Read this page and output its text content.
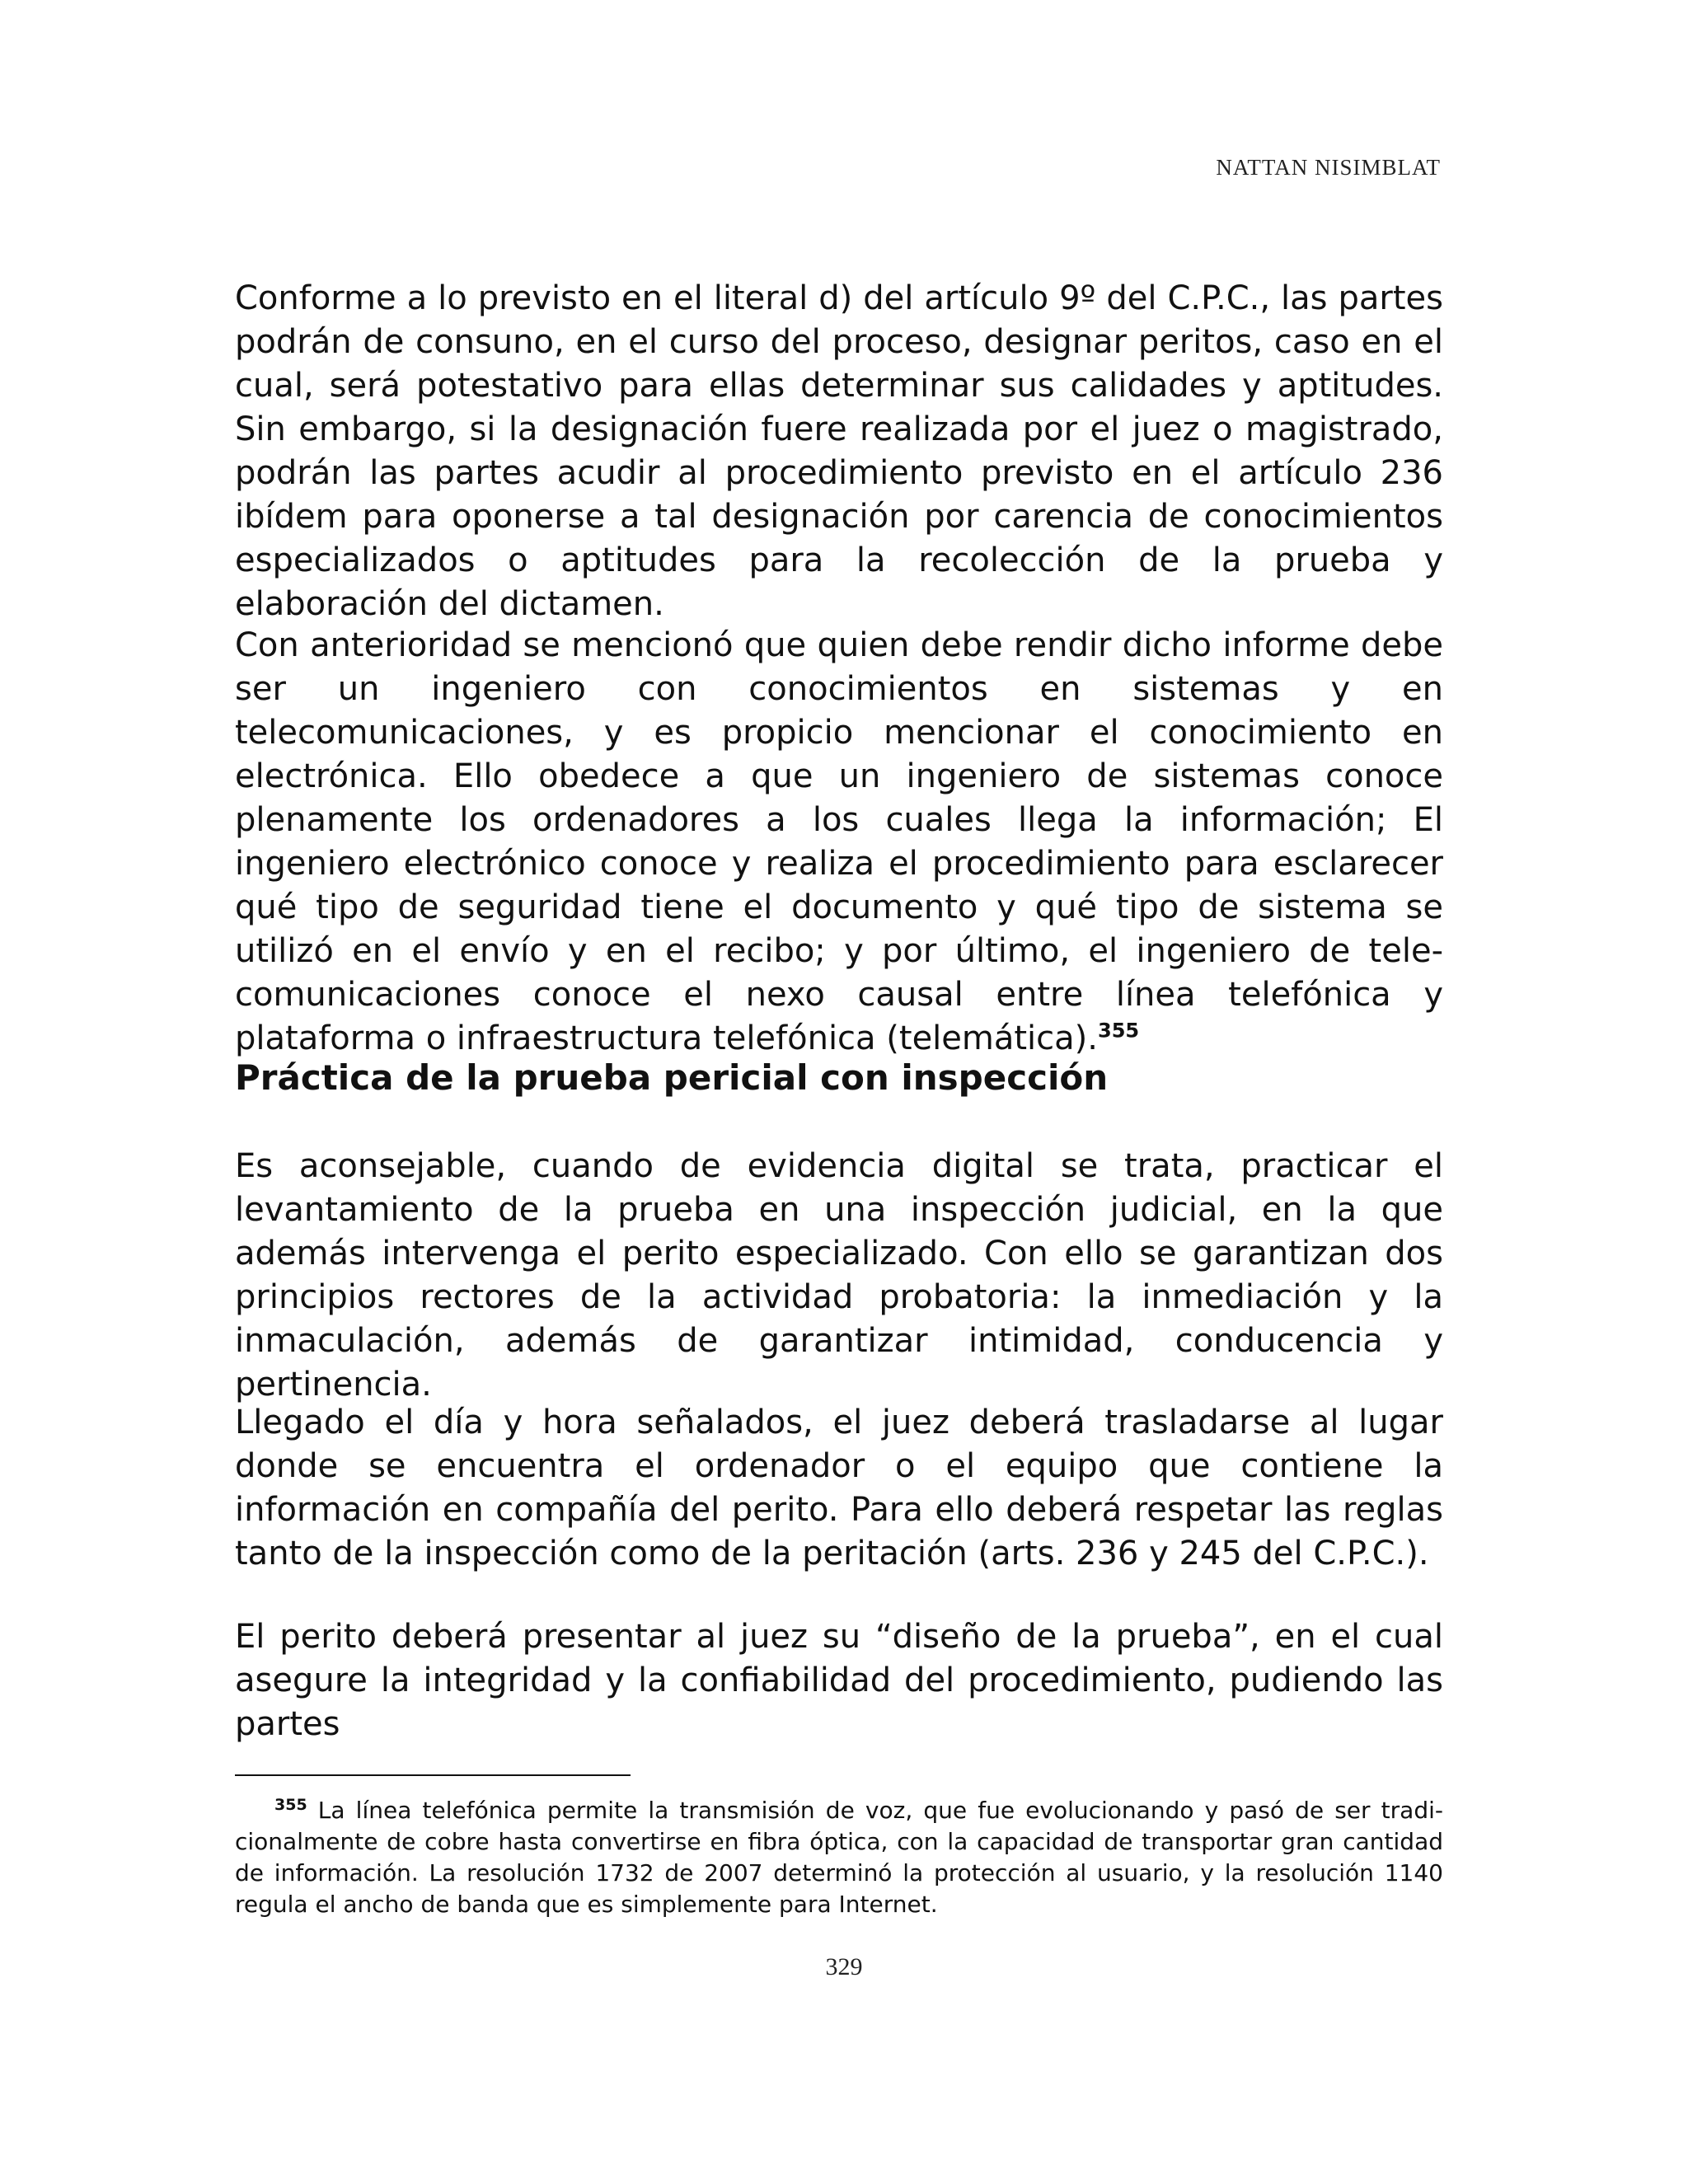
NATTAN NISIMBLAT

Conforme a lo previsto en el literal d) del artículo 9º del C.P.C., las partes podrán de consuno, en el curso del proceso, designar peritos, caso en el cual, será potestativo para ellas determinar sus calidades y aptitudes. Sin embargo, si la designación fuere realizada por el juez o magistrado, podrán las partes acudir al procedimiento previsto en el artículo 236 ibídem para oponerse a tal designación por carencia de conocimientos especializados o aptitudes para la recolección de la prueba y elaboración del dictamen.

Con anterioridad se mencionó que quien debe rendir dicho informe debe ser un ingeniero con conocimientos en sistemas y en telecomunicaciones, y es propicio mencionar el conocimiento en electrónica. Ello obedece a que un ingeniero de sistemas conoce plenamente los ordenadores a los cuales llega la información; El ingeniero electrónico conoce y realiza el procedimiento para esclarecer qué tipo de seguridad tiene el documento y qué tipo de sistema se utilizó en el envío y en el recibo; y por último, el ingeniero de telecomunicaciones conoce el nexo causal entre línea telefónica y plataforma o infraestructura telefónica (telemática).$^{355}$

Práctica de la prueba pericial con inspección

Es aconsejable, cuando de evidencia digital se trata, practicar el levantamiento de la prueba en una inspección judicial, en la que además intervenga el perito especializado. Con ello se garantizan dos principios rectores de la actividad probatoria: la inmediación y la inmaculación, además de garantizar intimidad, conducencia y pertinencia.

Llegado el día y hora señalados, el juez deberá trasladarse al lugar donde se encuentra el ordenador o el equipo que contiene la información en compañía del perito. Para ello deberá respetar las reglas tanto de la inspección como de la peritación (arts. 236 y 245 del C.P.C.).

El perito deberá presentar al juez su “diseño de la prueba”, en el cual asegure la integridad y la confiabilidad del procedimiento, pudiendo las partes

$^{355}$ La línea telefónica permite la transmisión de voz, que fue evolucionando y pasó de ser tradicionalmente de cobre hasta convertirse en fibra óptica, con la capacidad de transportar gran cantidad de información. La resolución 1732 de 2007 determinó la protección al usuario, y la resolución 1140 regula el ancho de banda que es simplemente para Internet.

329
